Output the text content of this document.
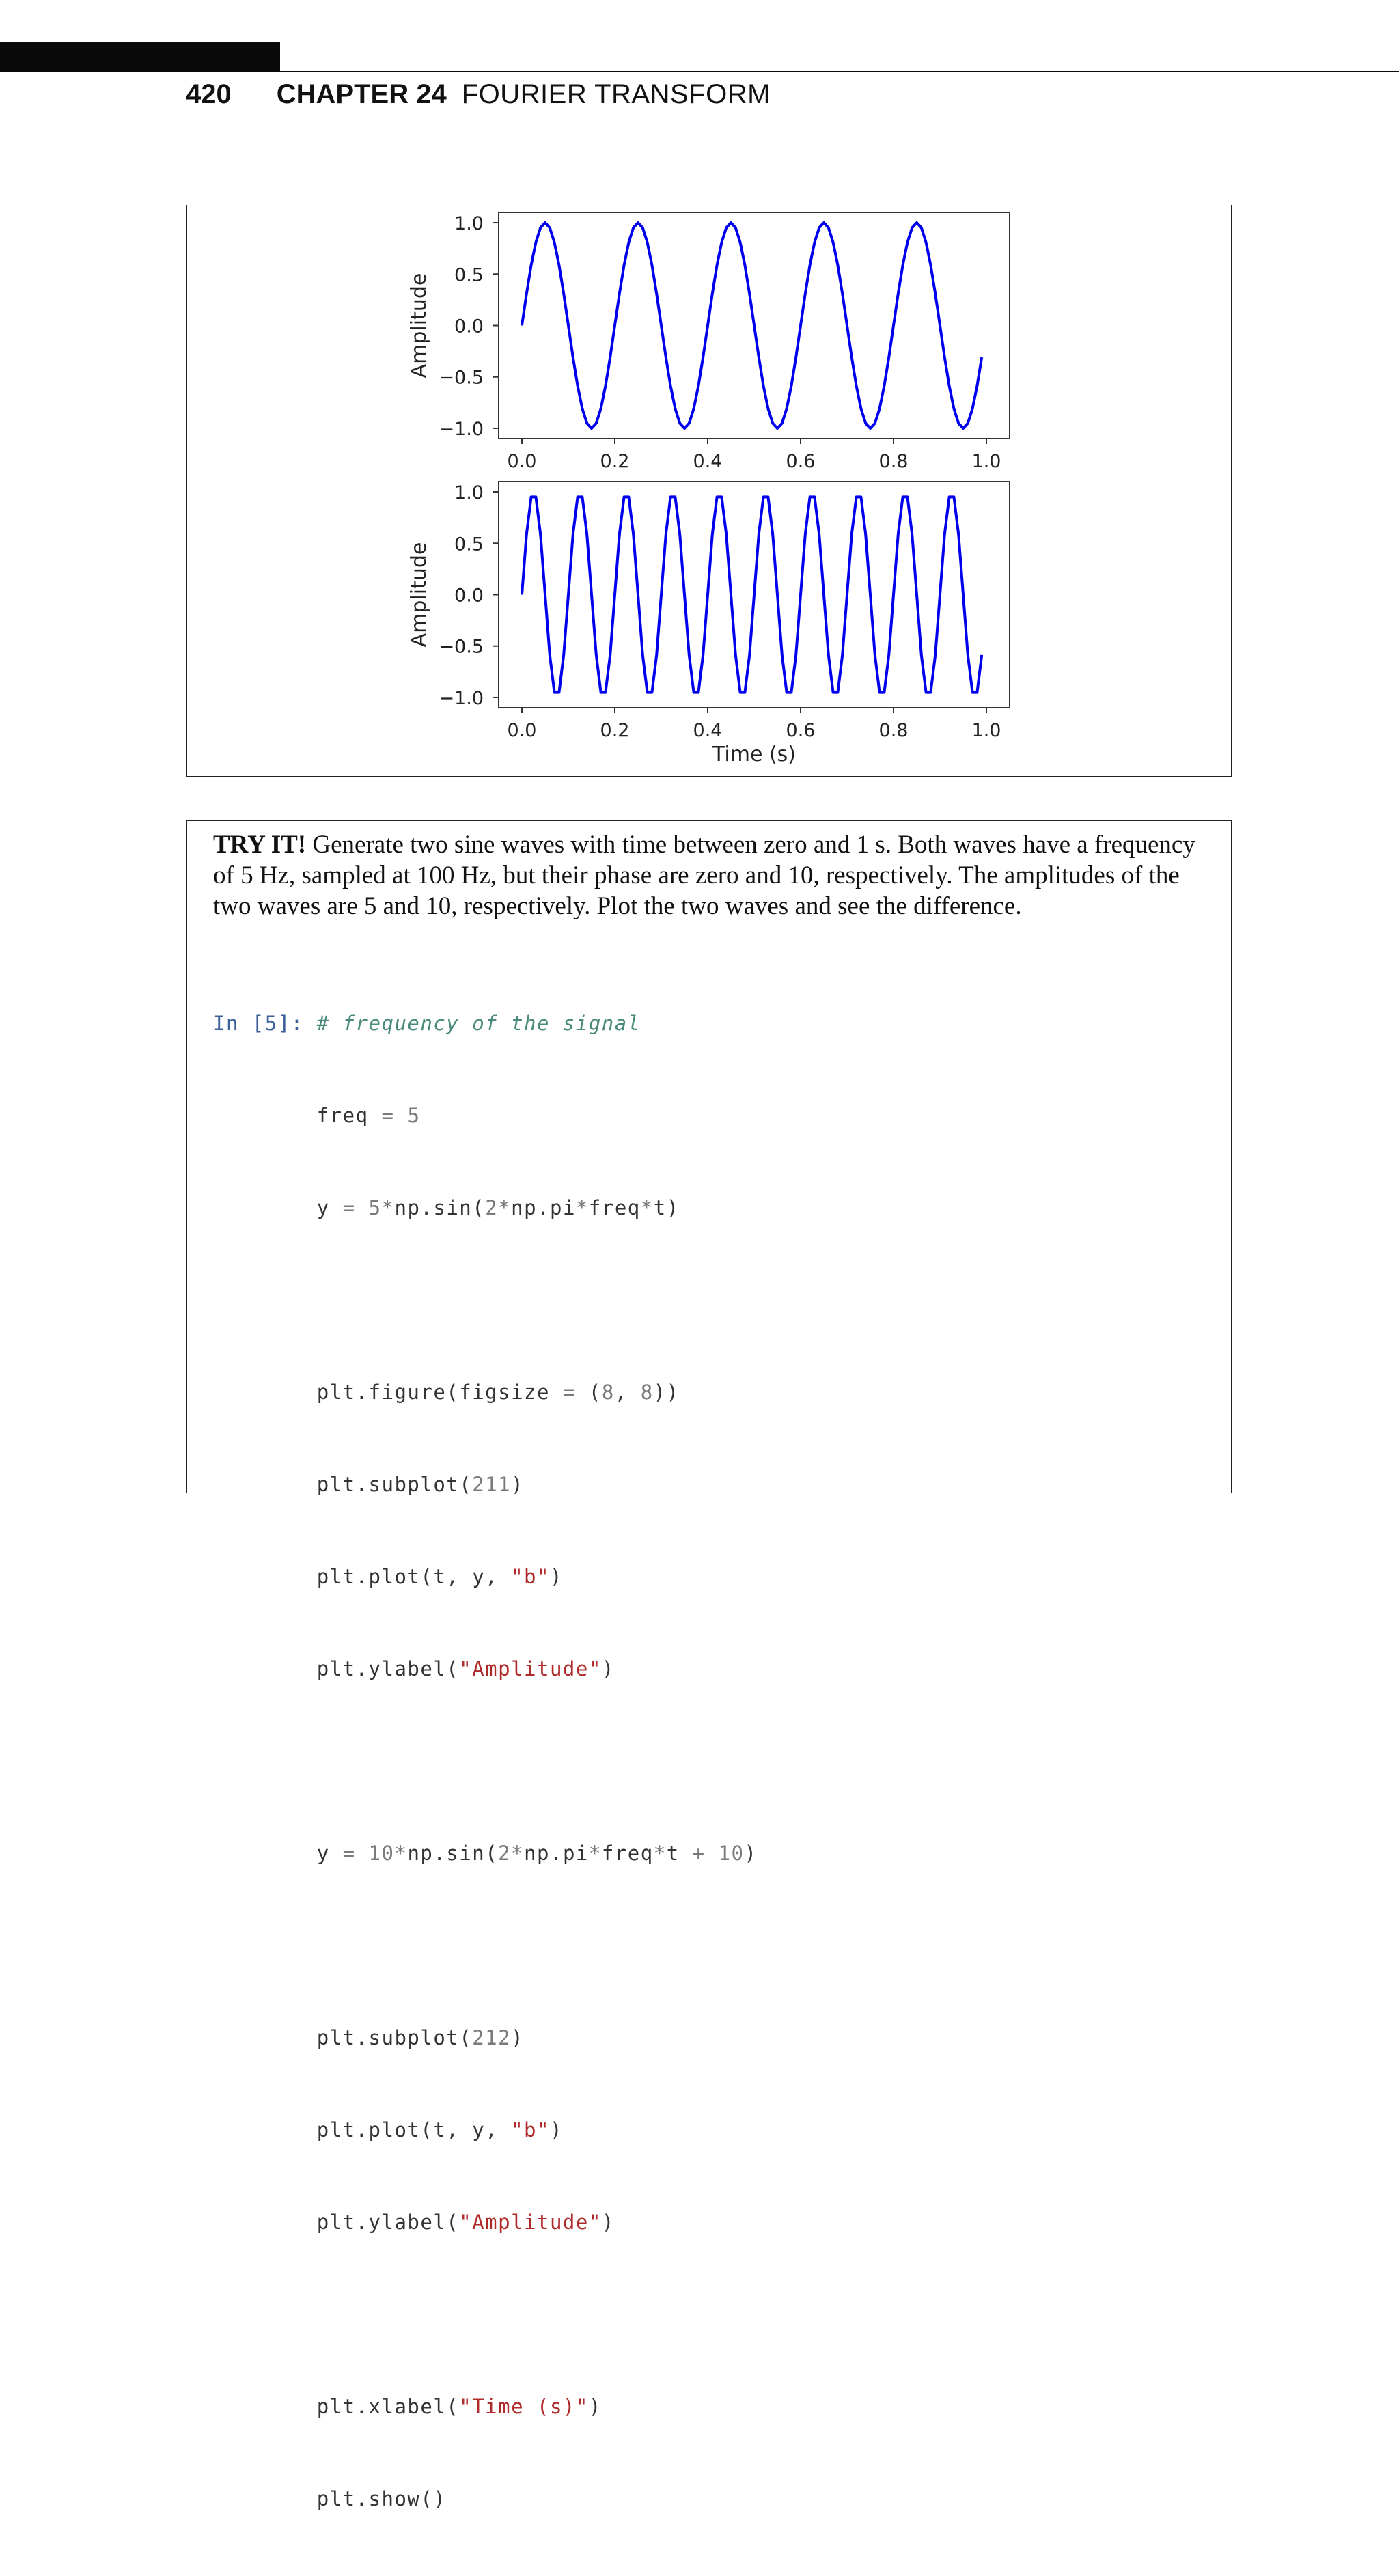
420 CHAPTER 24 FOURIER TRANSFORM
1.0
0.5
0.0
−0.5
−1.0
0.0	0.2	0.4	0.6	0.8	1.0
Amplitude
1.0
0.5
0.0
−0.5
−1.0
0.0	0.2	0.4	0.6	0.8	1.0
Amplitude
Time (s)
TRY IT! Generate two sine waves with time between zero and 1 s. Both waves have a frequency of 5 Hz, sampled at 100 Hz, but their phase are zero and 10, respectively. The amplitudes of the two waves are 5 and 10, respectively. Plot the two waves and see the difference.

In [5]: # frequency of the signal

freq = 5

y = 5*np.sin(2*np.pi*freq*t)

plt.figure(figsize = (8, 8))

plt.subplot(211)

plt.plot(t, y, "b")

plt.ylabel("Amplitude")

y = 10*np.sin(2*np.pi*freq*t + 10)

plt.subplot(212)

plt.plot(t, y, "b")

plt.ylabel("Amplitude")

plt.xlabel("Time (s)")

plt.show()
